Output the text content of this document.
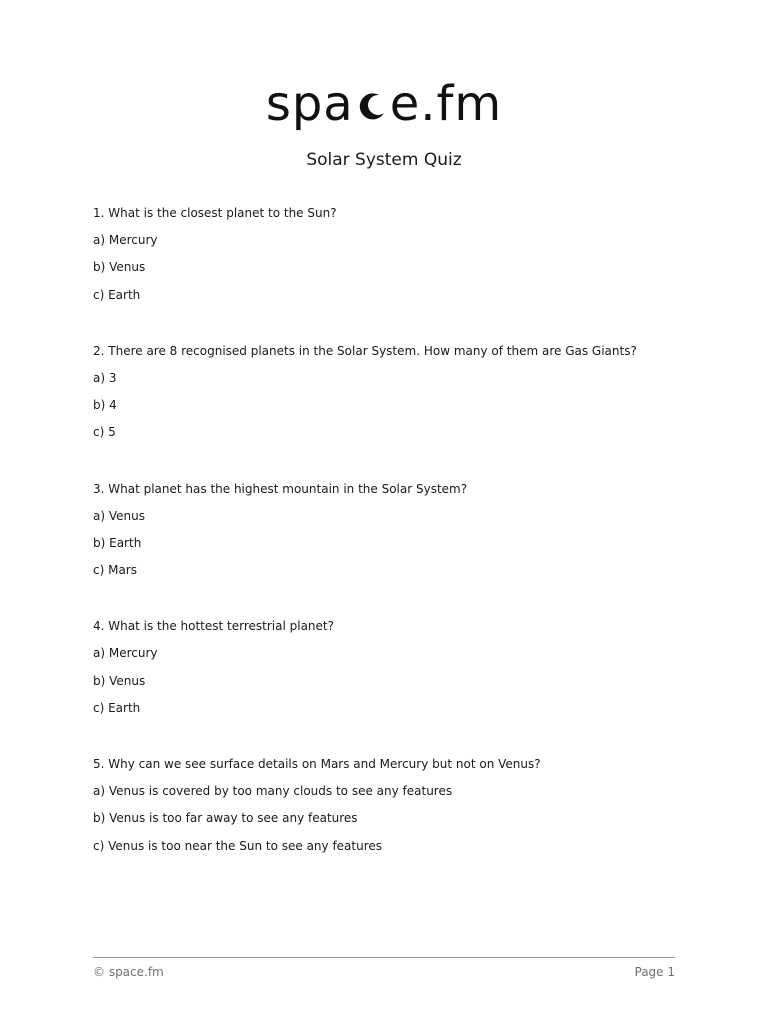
spa e.fm
Solar System Quiz
1. What is the closest planet to the Sun?
a) Mercury
b) Venus
c) Earth
2. There are 8 recognised planets in the Solar System. How many of them are Gas Giants?
a) 3
b) 4
c) 5
3. What planet has the highest mountain in the Solar System?
a) Venus
b) Earth
c) Mars
4. What is the hottest terrestrial planet?
a) Mercury
b) Venus
c) Earth
5. Why can we see surface details on Mars and Mercury but not on Venus?
a) Venus is covered by too many clouds to see any features
b) Venus is too far away to see any features
c) Venus is too near the Sun to see any features
© space.fm	Page 1
